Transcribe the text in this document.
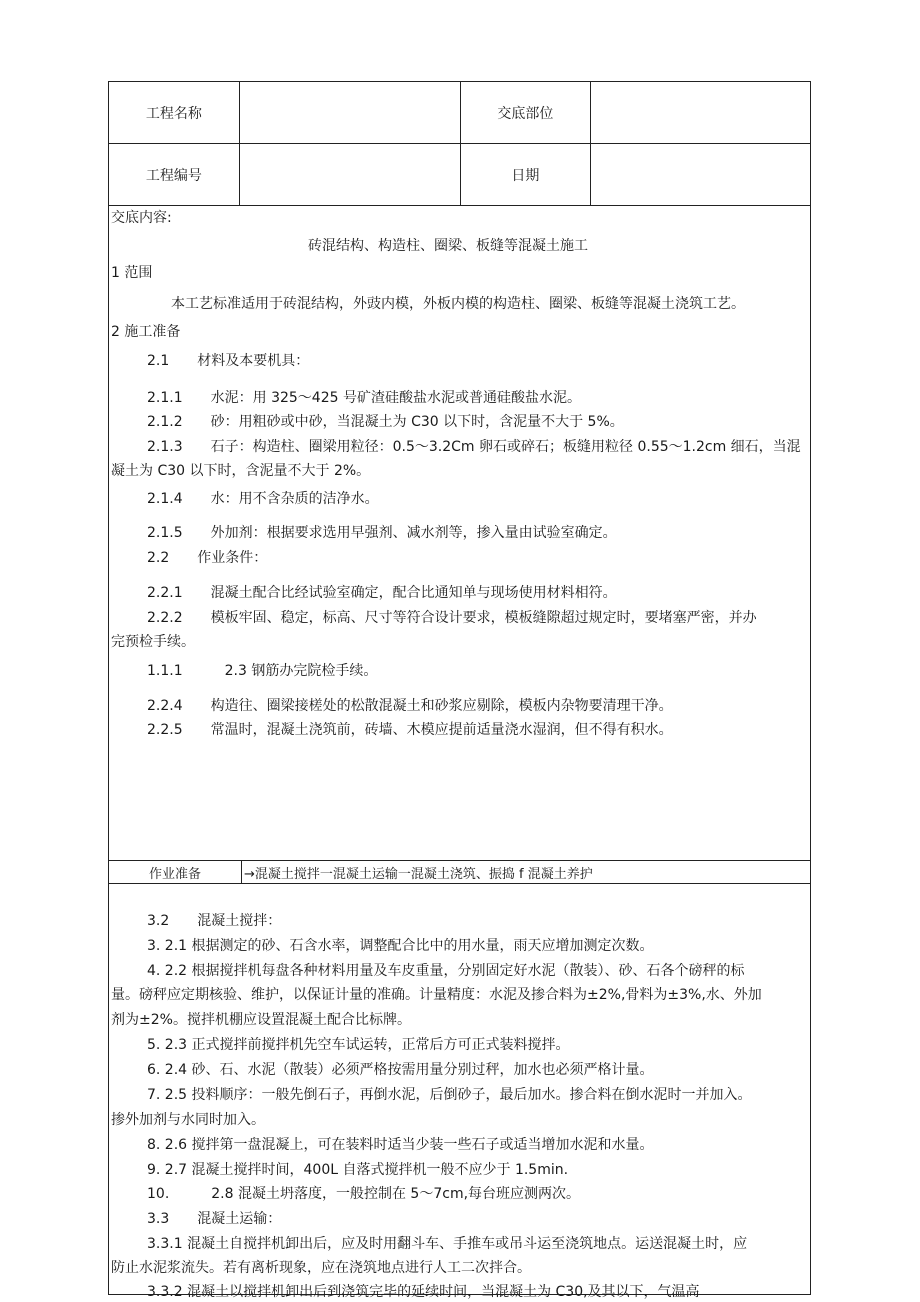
工程名称	交底部位
工程编号	日期
交底内容:
砖混结构、构造柱、圈梁、板缝等混凝土施工
1 范围
本工艺标准适用于砖混结构，外豉内模，外板内模的构造柱、圈梁、板缝等混凝土浇筑工艺。
2 施工准备
2.1　　材料及本要机具：
2.1.1　　水泥：用 325～425 号矿渣硅酸盐水泥或普通硅酸盐水泥。
2.1.2　　砂：用粗砂或中砂，当混凝土为 C30 以下时，含泥量不大于 5%。
2.1.3　　石子：构造柱、圈梁用粒径：0.5～3.2Cm 卵石或碎石；板缝用粒径 0.55～1.2cm 细石，当混
凝土为 C30 以下时，含泥量不大于 2%。
2.1.4　　水：用不含杂质的洁净水。
2.1.5　　外加剂：根据要求选用早强剂、减水剂等，掺入量由试验室确定。
2.2　　作业条件：
2.2.1　　混凝土配合比经试验室确定，配合比通知单与现场使用材料相符。
2.2.2　　模板牢固、稳定，标高、尺寸等符合设计要求，模板缝隙超过规定时，要堵塞严密，并办
完预检手续。
1.1.1　　　2.3 钢筋办完院检手续。
2.2.4　　构造往、圈梁接槎处的松散混凝土和砂浆应剔除，模板内杂物要清理干净。
2.2.5　　常温时，混凝土浇筑前，砖墙、木模应提前适量浇水湿润，但不得有积水。
作业准备	→混凝土搅拌一混凝土运输一混凝土浇筑、振捣 f 混凝土养护
3.2　　混凝土搅拌：
3. 2.1 根据测定的砂、石含水率，调整配合比中的用水量，雨天应增加测定次数。
4. 2.2 根据搅拌机每盘各种材料用量及车皮重量，分别固定好水泥（散装）、砂、石各个磅秤的标
量。磅秤应定期核验、维护，以保证计量的准确。计量精度：水泥及掺合料为±2%,骨料为±3%,水、外加
剂为±2%。搅拌机棚应设置混凝土配合比标牌。
5. 2.3 正式搅拌前搅拌机先空车试运转，正常后方可正式装料搅拌。
6. 2.4 砂、石、水泥（散装）必须严格按需用量分别过秤，加水也必须严格计量。
7. 2.5 投料顺序：一般先倒石子，再倒水泥，后倒砂子，最后加水。掺合料在倒水泥时一并加入。
掺外加剂与水同时加入。
8. 2.6 搅拌第一盘混凝上，可在装料时适当少装一些石子或适当增加水泥和水量。
9. 2.7 混凝土搅拌时间，400L 自落式搅拌机一般不应少于 1.5min.
10.　　　2.8 混凝土坍落度，一般控制在 5～7cm,每台班应测两次。
3.3　　混凝土运输：
3.3.1 混凝土自搅拌机卸出后，应及时用翻斗车、手推车或吊斗运至浇筑地点。运送混凝土时，应
防止水泥浆流失。若有离析现象，应在浇筑地点进行人工二次拌合。
3.3.2 混凝土以搅拌机卸出后到浇筑完毕的延续时间，当混凝土为 C30,及其以下，气温高
